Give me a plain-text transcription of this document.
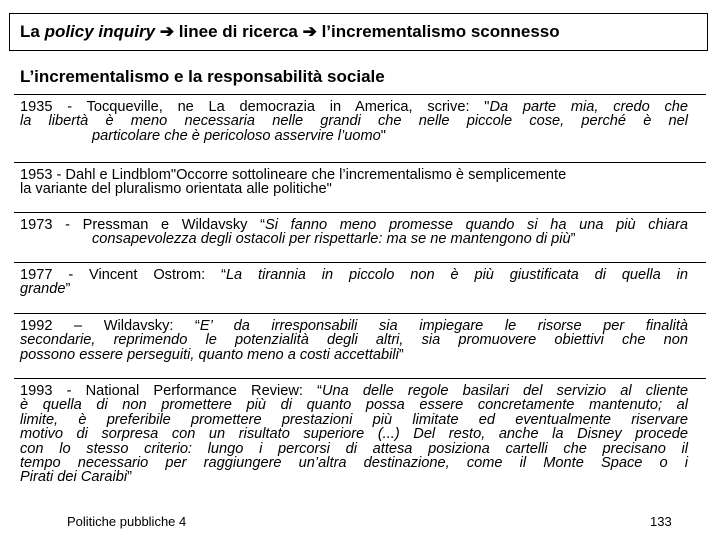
La policy inquiry ➔ linee di ricerca ➔ l’incrementalismo sconnesso
L’incrementalismo e la responsabilità sociale
1935 - Tocqueville, ne La democrazia in America, scrive: "Da parte mia, credo che
la libertà è meno necessaria nelle grandi che nelle piccole cose, perché è nel
particolare che è pericoloso asservire l’uomo"
1953 - Dahl e Lindblom"Occorre sottolineare che l’incrementalismo è semplicemente
la variante del pluralismo orientata alle politiche"
1973 - Pressman e Wildavsky “Si fanno meno promesse quando si ha una più chiara
consapevolezza degli ostacoli per rispettarle: ma se ne mantengono di più”
1977 - Vincent Ostrom: “La tirannia in piccolo non è più giustificata di quella in
grande”
1992 – Wildavsky: “E’ da irresponsabili sia impiegare le risorse per finalità
secondarie, reprimendo le potenzialità degli altri, sia promuovere obiettivi che non
possono essere perseguiti, quanto meno a costi accettabili”
1993 - National Performance Review: “Una delle regole basilari del servizio al cliente
è quella di non promettere più di quanto possa essere concretamente mantenuto; al
limite, è preferibile promettere prestazioni più limitate ed eventualmente riservare
motivo di sorpresa con un risultato superiore (...) Del resto, anche la Disney procede
con lo stesso criterio: lungo i percorsi di attesa posiziona cartelli che precisano il
tempo necessario per raggiungere un’altra destinazione, come il Monte Space o i
Pirati dei Caraibi”
Politiche pubbliche 4	133
